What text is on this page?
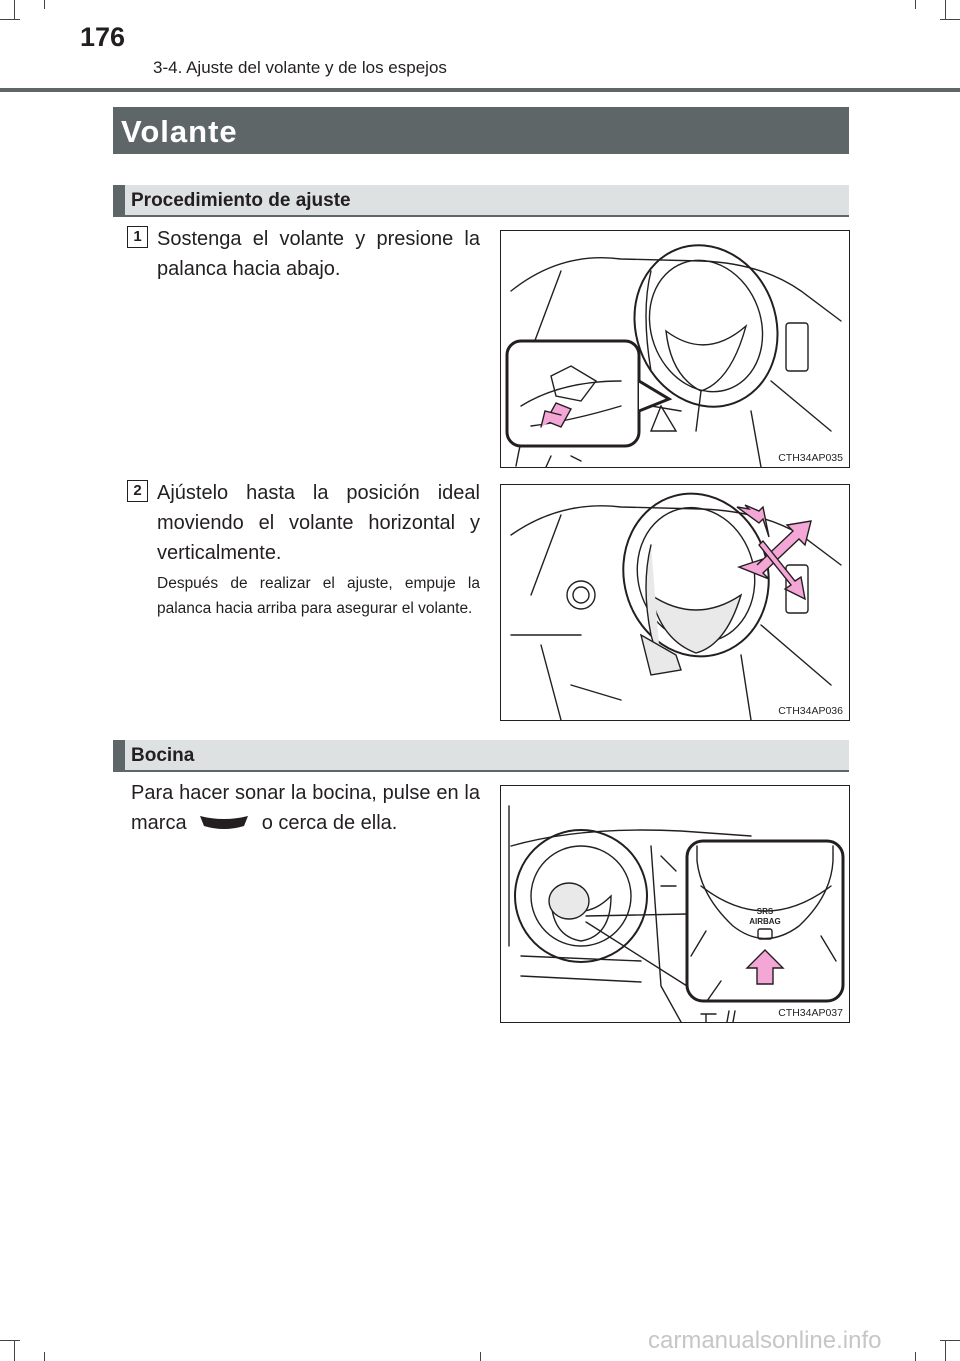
176
3-4. Ajuste del volante y de los espejos
Volante
Procedimiento de ajuste
1 Sostenga el volante y presione la palanca hacia abajo.
CTH34AP035
2 Ajústelo hasta la posición ideal moviendo el volante horizontal y verticalmente.
Después de realizar el ajuste, empuje la palanca hacia arriba para asegurar el volante.
CTH34AP036
Bocina
Para hacer sonar la bocina, pulse en la marca	o cerca de ella.
SRS
AIRBAG
CTH34AP037
carmanualsonline.info
